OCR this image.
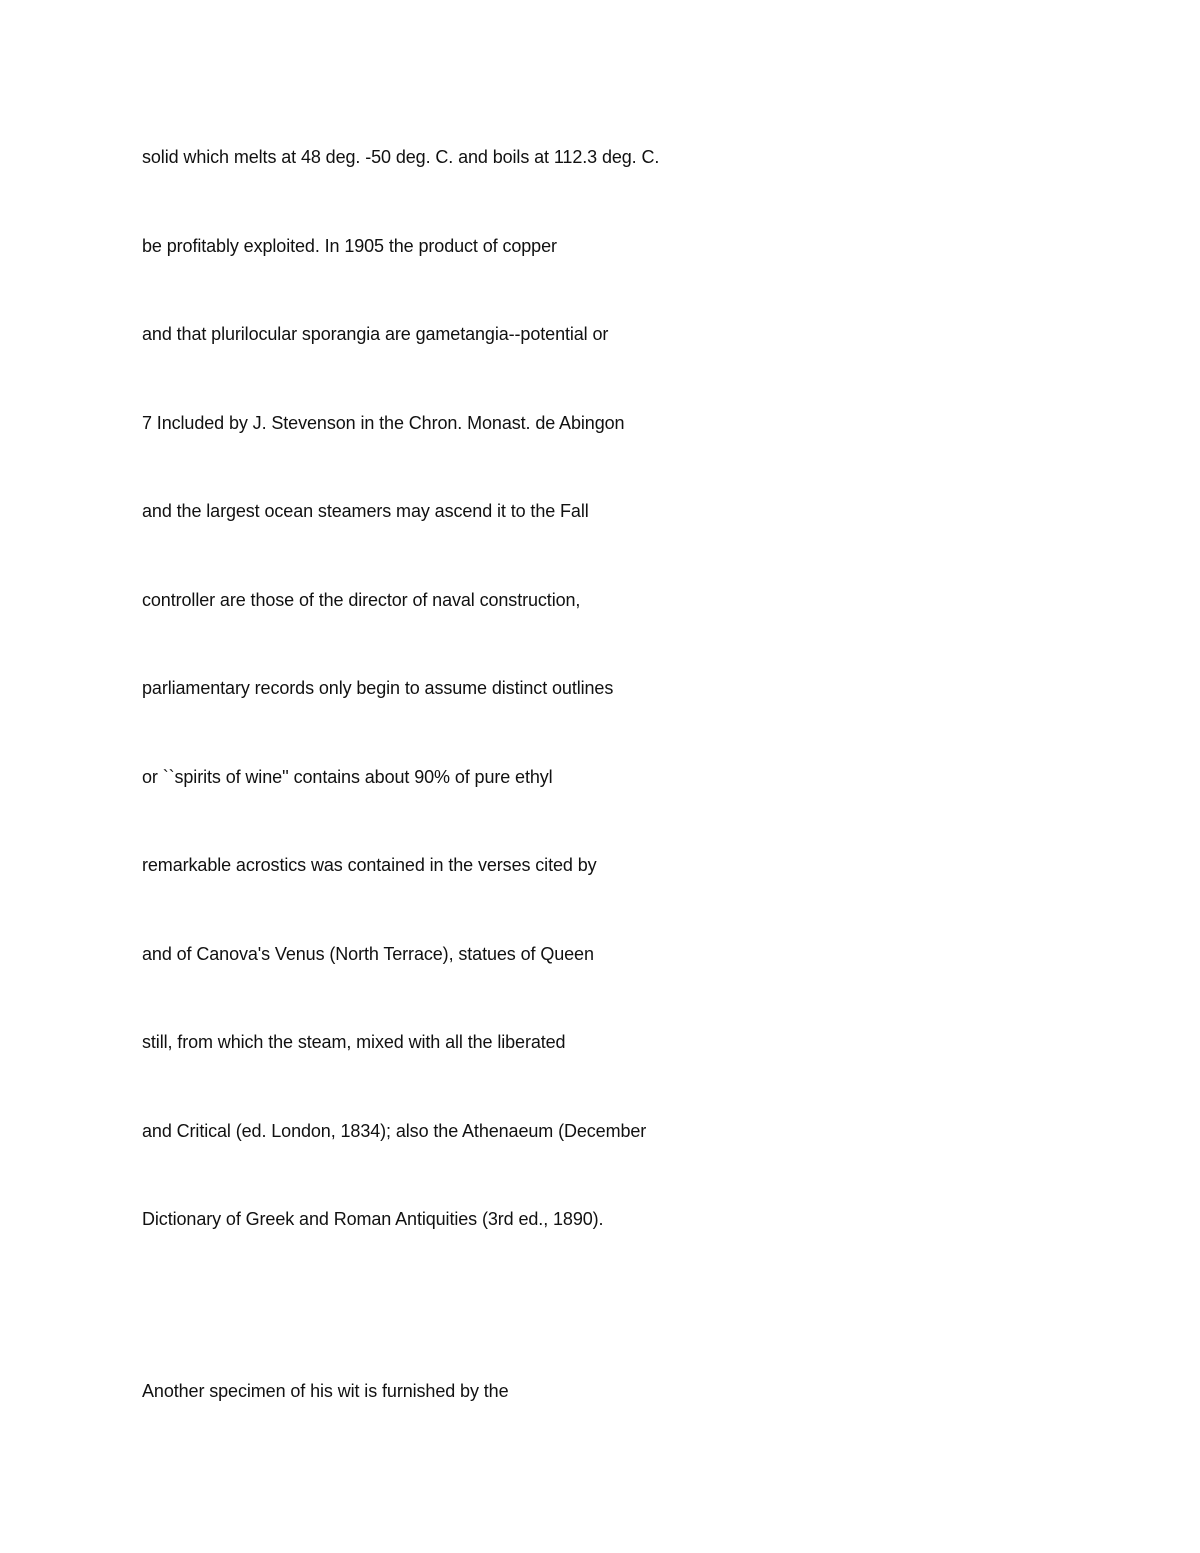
solid which melts at 48 deg. -50 deg. C. and boils at 112.3 deg. C.
be profitably exploited. In 1905 the product of copper
and that plurilocular sporangia are gametangia--potential or
7 Included by J. Stevenson in the Chron. Monast. de Abingon
and the largest ocean steamers may ascend it to the Fall
controller are those of the director of naval construction,
parliamentary records only begin to assume distinct outlines
or ``spirits of wine'' contains about 90% of pure ethyl
remarkable acrostics was contained in the verses cited by
and of Canova's Venus (North Terrace), statues of Queen
still, from which the steam, mixed with all the liberated
and Critical (ed. London, 1834); also the Athenaeum (December
Dictionary of Greek and Roman Antiquities (3rd ed., 1890).

Another specimen of his wit is furnished by the
